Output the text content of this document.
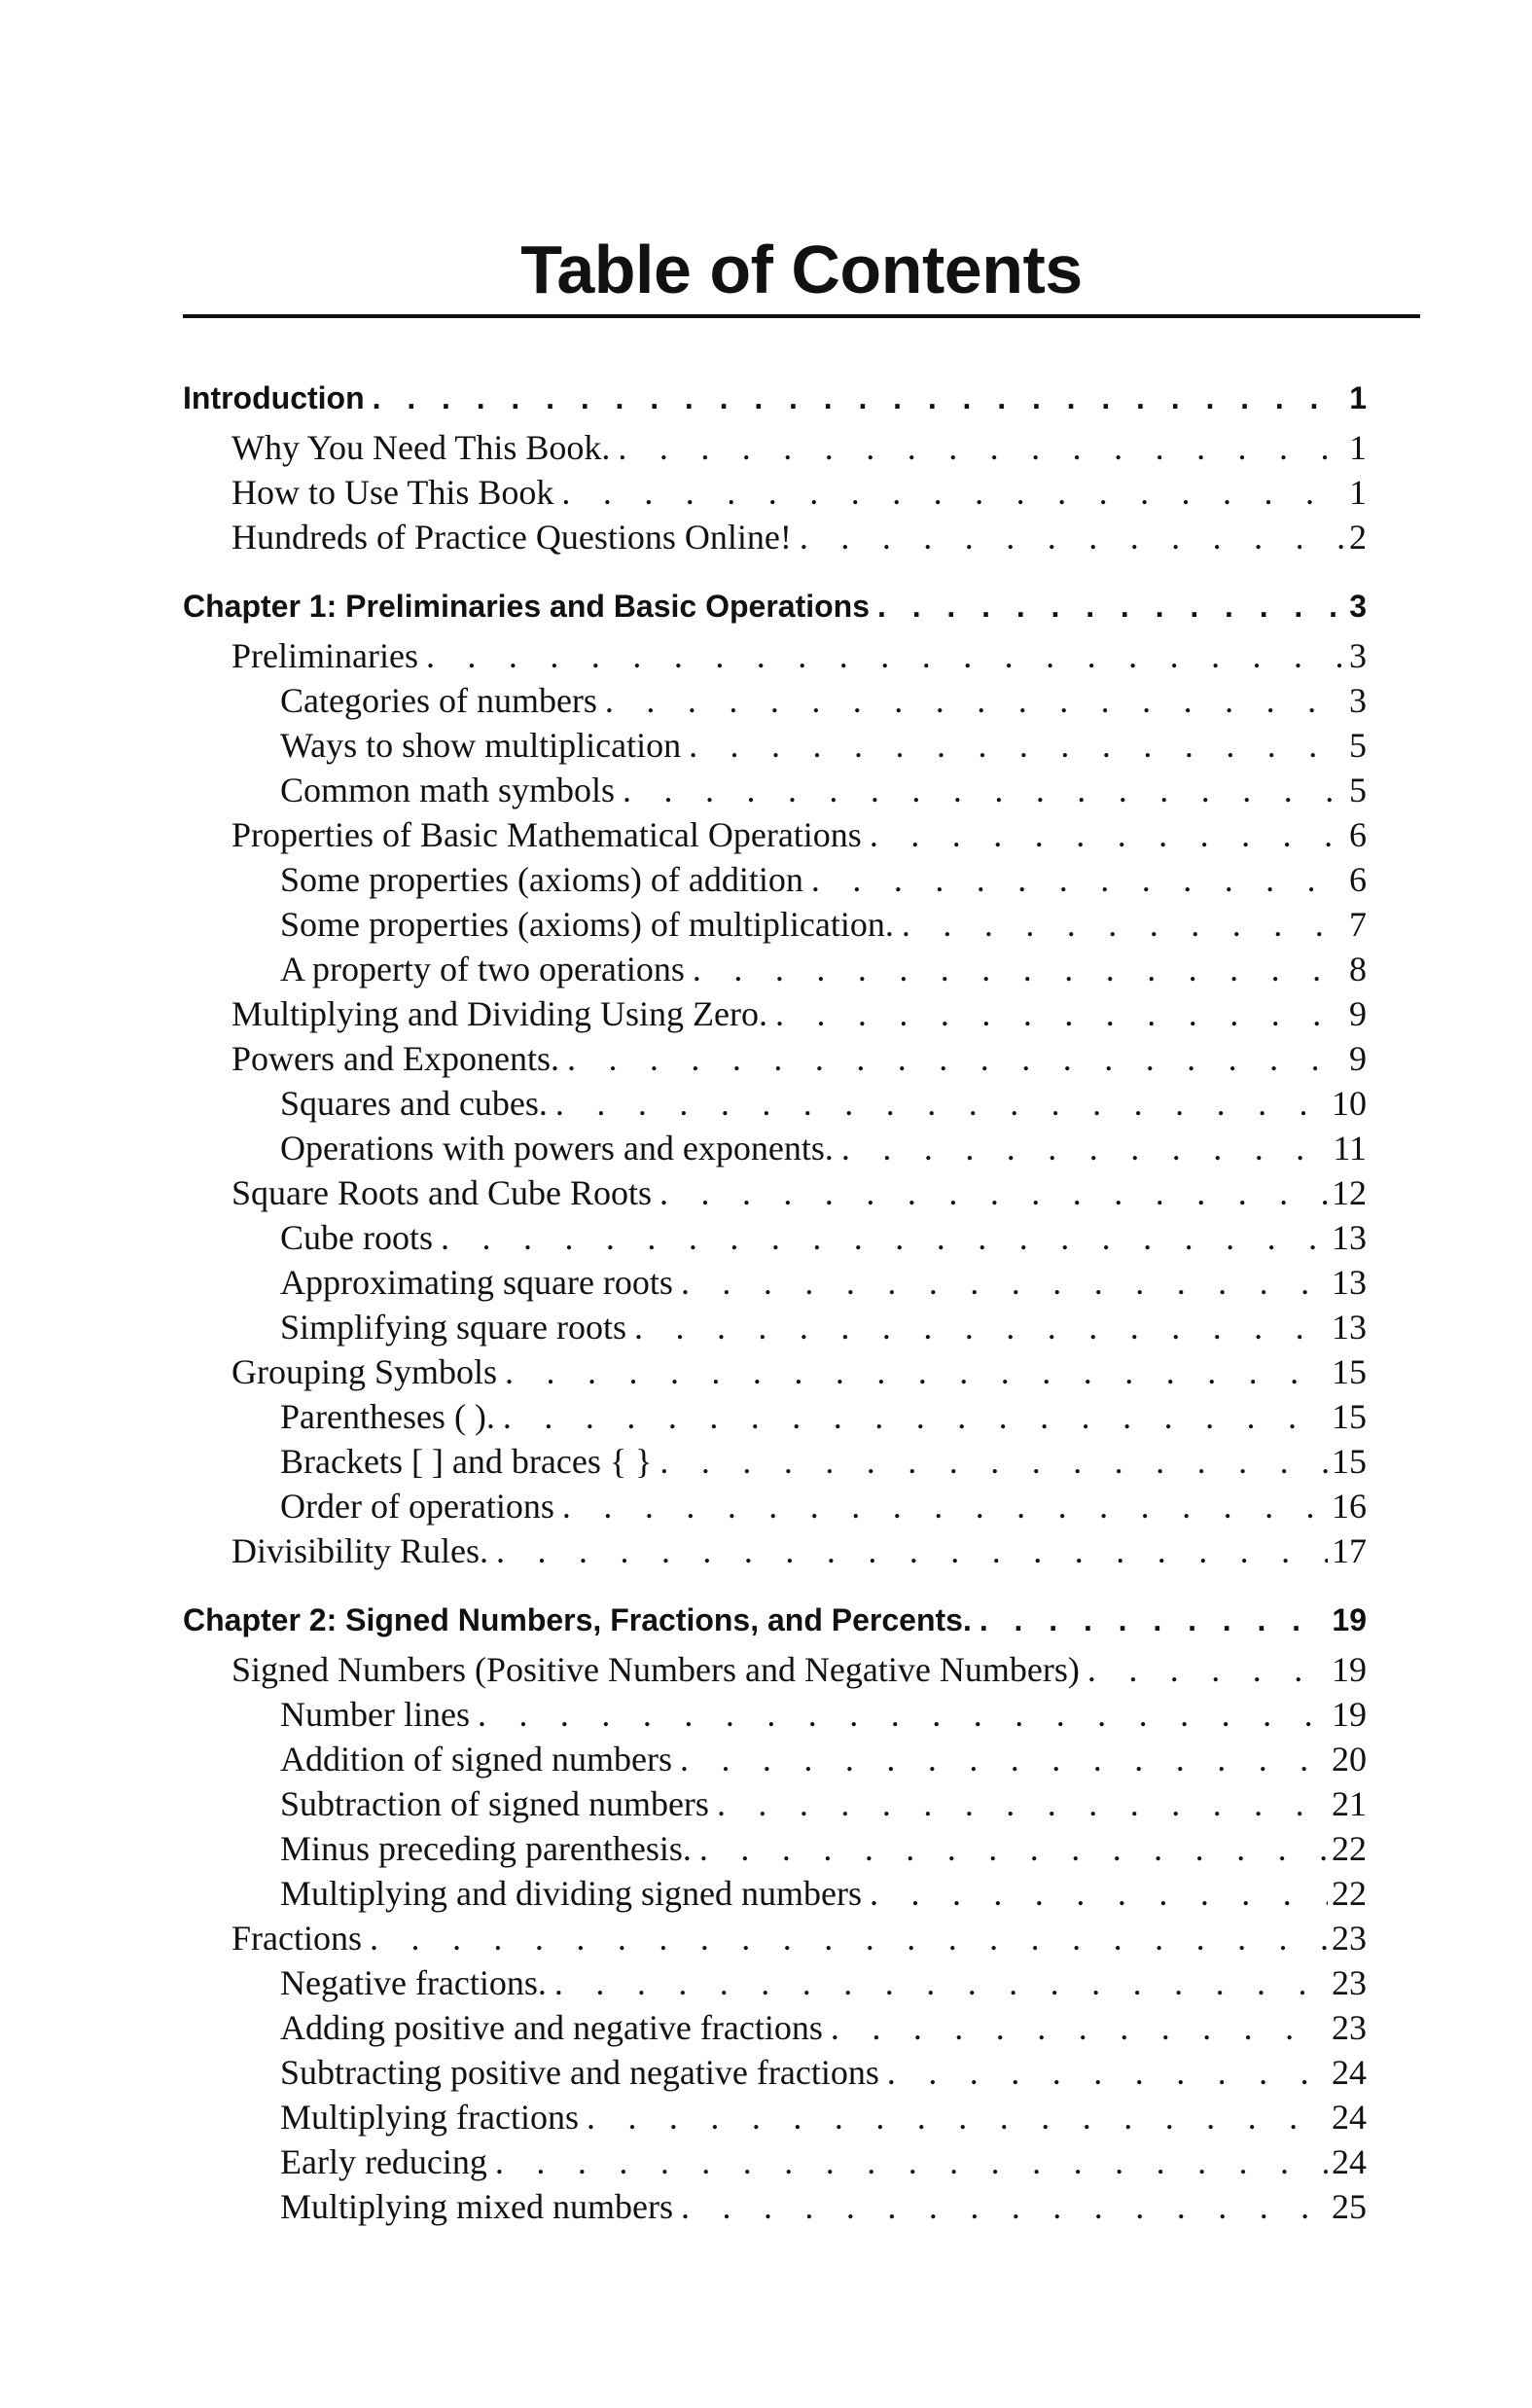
Table of Contents
Introduction . . .	1
Why You Need This Book. . . .	1
How to Use This Book . . .	1
Hundreds of Practice Questions Online! . . .	2
Chapter 1: Preliminaries and Basic Operations . . .	3
Preliminaries . . .	3
Categories of numbers . . .	3
Ways to show multiplication . . .	5
Common math symbols . . .	5
Properties of Basic Mathematical Operations . . .	6
Some properties (axioms) of addition . . .	6
Some properties (axioms) of multiplication. . . .	7
A property of two operations . . .	8
Multiplying and Dividing Using Zero. . . .	9
Powers and Exponents. . . .	9
Squares and cubes. . . .	10
Operations with powers and exponents. . . .	11
Square Roots and Cube Roots . . .	12
Cube roots . . .	13
Approximating square roots . . .	13
Simplifying square roots . . .	13
Grouping Symbols . . .	15
Parentheses ( ). . . .	15
Brackets [ ] and braces { } . . .	15
Order of operations . . .	16
Divisibility Rules. . . .	17
Chapter 2: Signed Numbers, Fractions, and Percents. . . .	19
Signed Numbers (Positive Numbers and Negative Numbers) . . .	19
Number lines . . .	19
Addition of signed numbers . . .	20
Subtraction of signed numbers . . .	21
Minus preceding parenthesis. . . .	22
Multiplying and dividing signed numbers . . .	22
Fractions . . .	23
Negative fractions. . . .	23
Adding positive and negative fractions . . .	23
Subtracting positive and negative fractions . . .	24
Multiplying fractions . . .	24
Early reducing . . .	24
Multiplying mixed numbers . . .	25
